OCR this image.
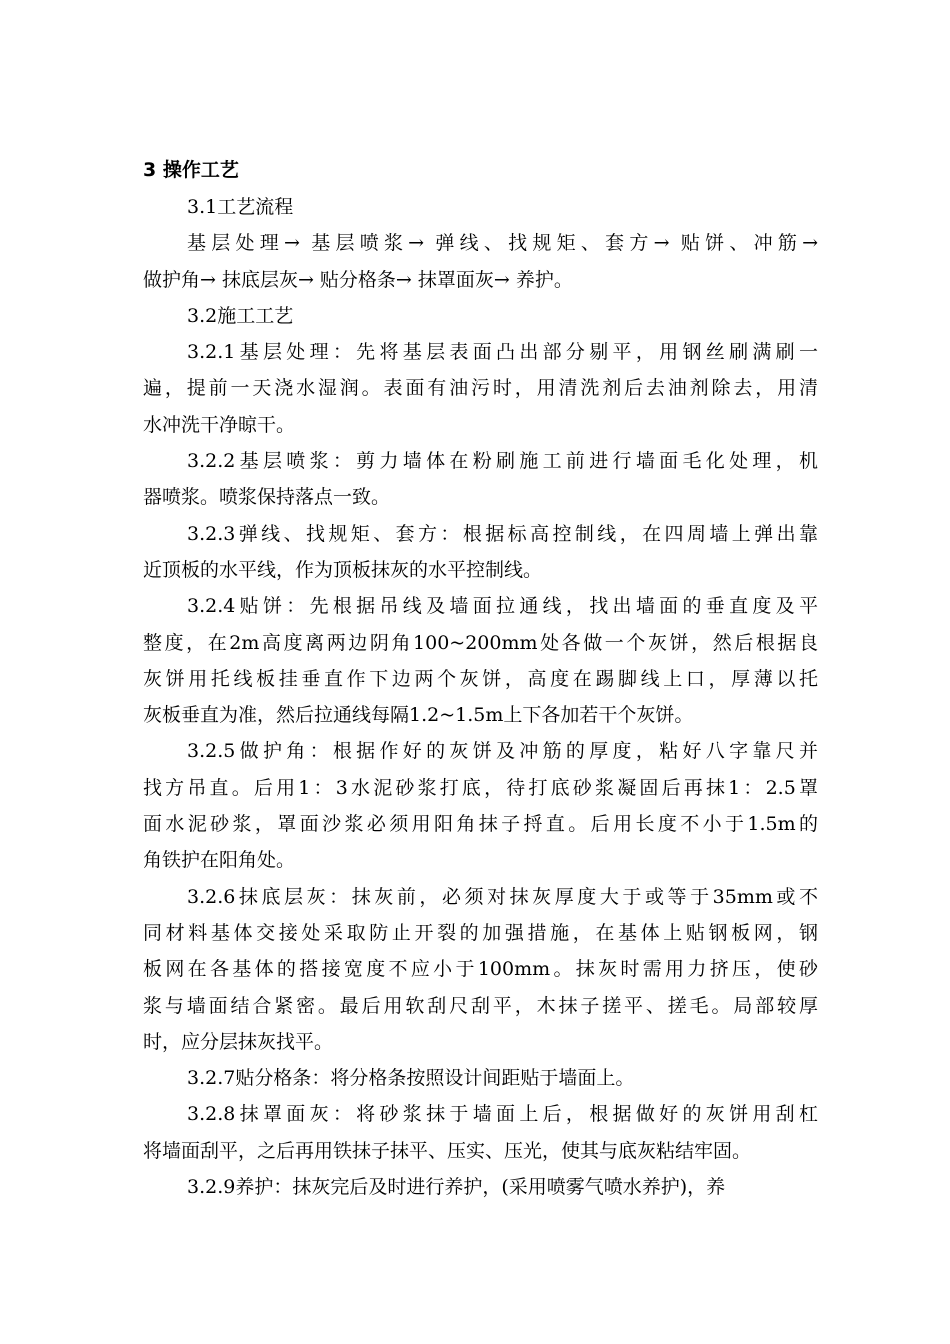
3 操作工艺
3.1工艺流程
基层处理→ 基层喷浆→ 弹线、找规矩、套方→ 贴饼、冲筋→
做护角→ 抹底层灰→ 贴分格条→ 抹罩面灰→ 养护。
3.2施工工艺
3.2.1基层处理：先将基层表面凸出部分剔平，用钢丝刷满刷一
遍，提前一天浇水湿润。表面有油污时，用清洗剂后去油剂除去，用清
水冲洗干净晾干。
3.2.2基层喷浆：剪力墙体在粉刷施工前进行墙面毛化处理，机
器喷浆。喷浆保持落点一致。
3.2.3弹线、找规矩、套方：根据标高控制线，在四周墙上弹出靠
近顶板的水平线，作为顶板抹灰的水平控制线。
3.2.4贴饼：先根据吊线及墙面拉通线，找出墙面的垂直度及平
整度，在2m高度离两边阴角100~200mm处各做一个灰饼，然后根据良
灰饼用托线板挂垂直作下边两个灰饼，高度在踢脚线上口，厚薄以托
灰板垂直为准，然后拉通线每隔1.2~1.5m上下各加若干个灰饼。
3.2.5做护角：根据作好的灰饼及冲筋的厚度，粘好八字靠尺并
找方吊直。后用1：3水泥砂浆打底，待打底砂浆凝固后再抹1：2.5罩
面水泥砂浆，罩面沙浆必须用阳角抹子捋直。后用长度不小于1.5m的
角铁护在阳角处。
3.2.6抹底层灰：抹灰前，必须对抹灰厚度大于或等于35mm或不
同材料基体交接处采取防止开裂的加强措施，在基体上贴钢板网，钢
板网在各基体的搭接宽度不应小于100mm。抹灰时需用力挤压，使砂
浆与墙面结合紧密。最后用软刮尺刮平，木抹子搓平、搓毛。局部较厚
时，应分层抹灰找平。
3.2.7贴分格条：将分格条按照设计间距贴于墙面上。
3.2.8抹罩面灰：将砂浆抹于墙面上后，根据做好的灰饼用刮杠
将墙面刮平，之后再用铁抹子抹平、压实、压光，使其与底灰粘结牢固。
3.2.9养护：抹灰完后及时进行养护，(采用喷雾气喷水养护)，养
